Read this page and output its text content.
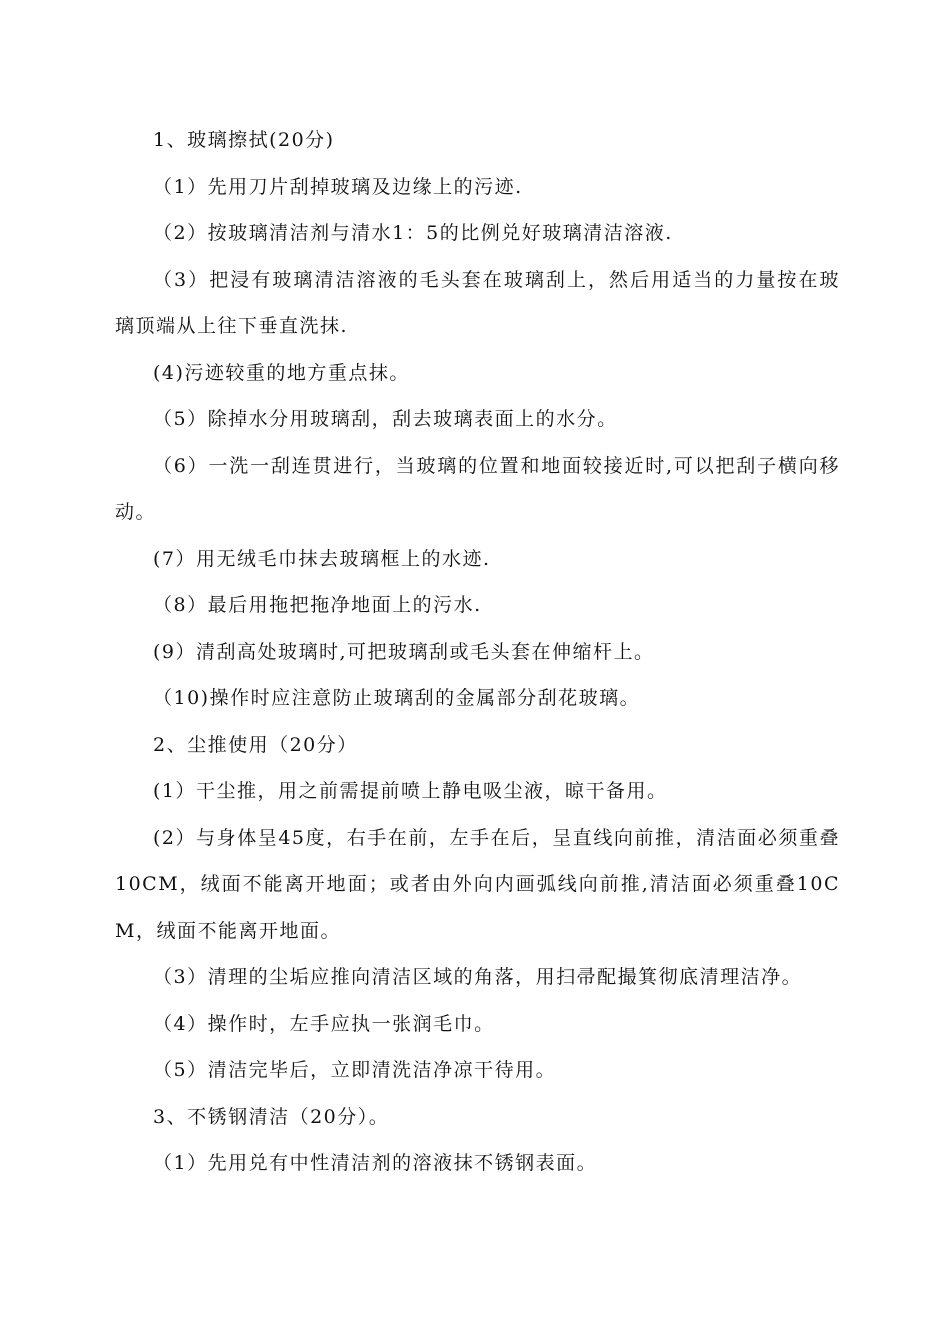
1、玻璃擦拭(20分)

（1）先用刀片刮掉玻璃及边缘上的污迹.

（2）按玻璃清洁剂与清水1：5的比例兑好玻璃清洁溶液.

（3）把浸有玻璃清洁溶液的毛头套在玻璃刮上，然后用适当的力量按在玻璃顶端从上往下垂直洗抹.

(4)污迹较重的地方重点抹。

（5）除掉水分用玻璃刮，刮去玻璃表面上的水分。

（6）一洗一刮连贯进行，当玻璃的位置和地面较接近时,可以把刮子横向移动。

(7）用无绒毛巾抹去玻璃框上的水迹.

（8）最后用拖把拖净地面上的污水.

(9）清刮高处玻璃时,可把玻璃刮或毛头套在伸缩杆上。

（10)操作时应注意防止玻璃刮的金属部分刮花玻璃。

2、尘推使用（20分）

(1）干尘推，用之前需提前喷上静电吸尘液，晾干备用。

(2）与身体呈45度，右手在前，左手在后，呈直线向前推，清洁面必须重叠10CM，绒面不能离开地面；或者由外向内画弧线向前推,清洁面必须重叠10CM，绒面不能离开地面。

（3）清理的尘垢应推向清洁区域的角落，用扫帚配撮箕彻底清理洁净。

（4）操作时，左手应执一张润毛巾。

（5）清洁完毕后，立即清洗洁净凉干待用。

3、不锈钢清洁（20分）。

（1）先用兑有中性清洁剂的溶液抹不锈钢表面。
